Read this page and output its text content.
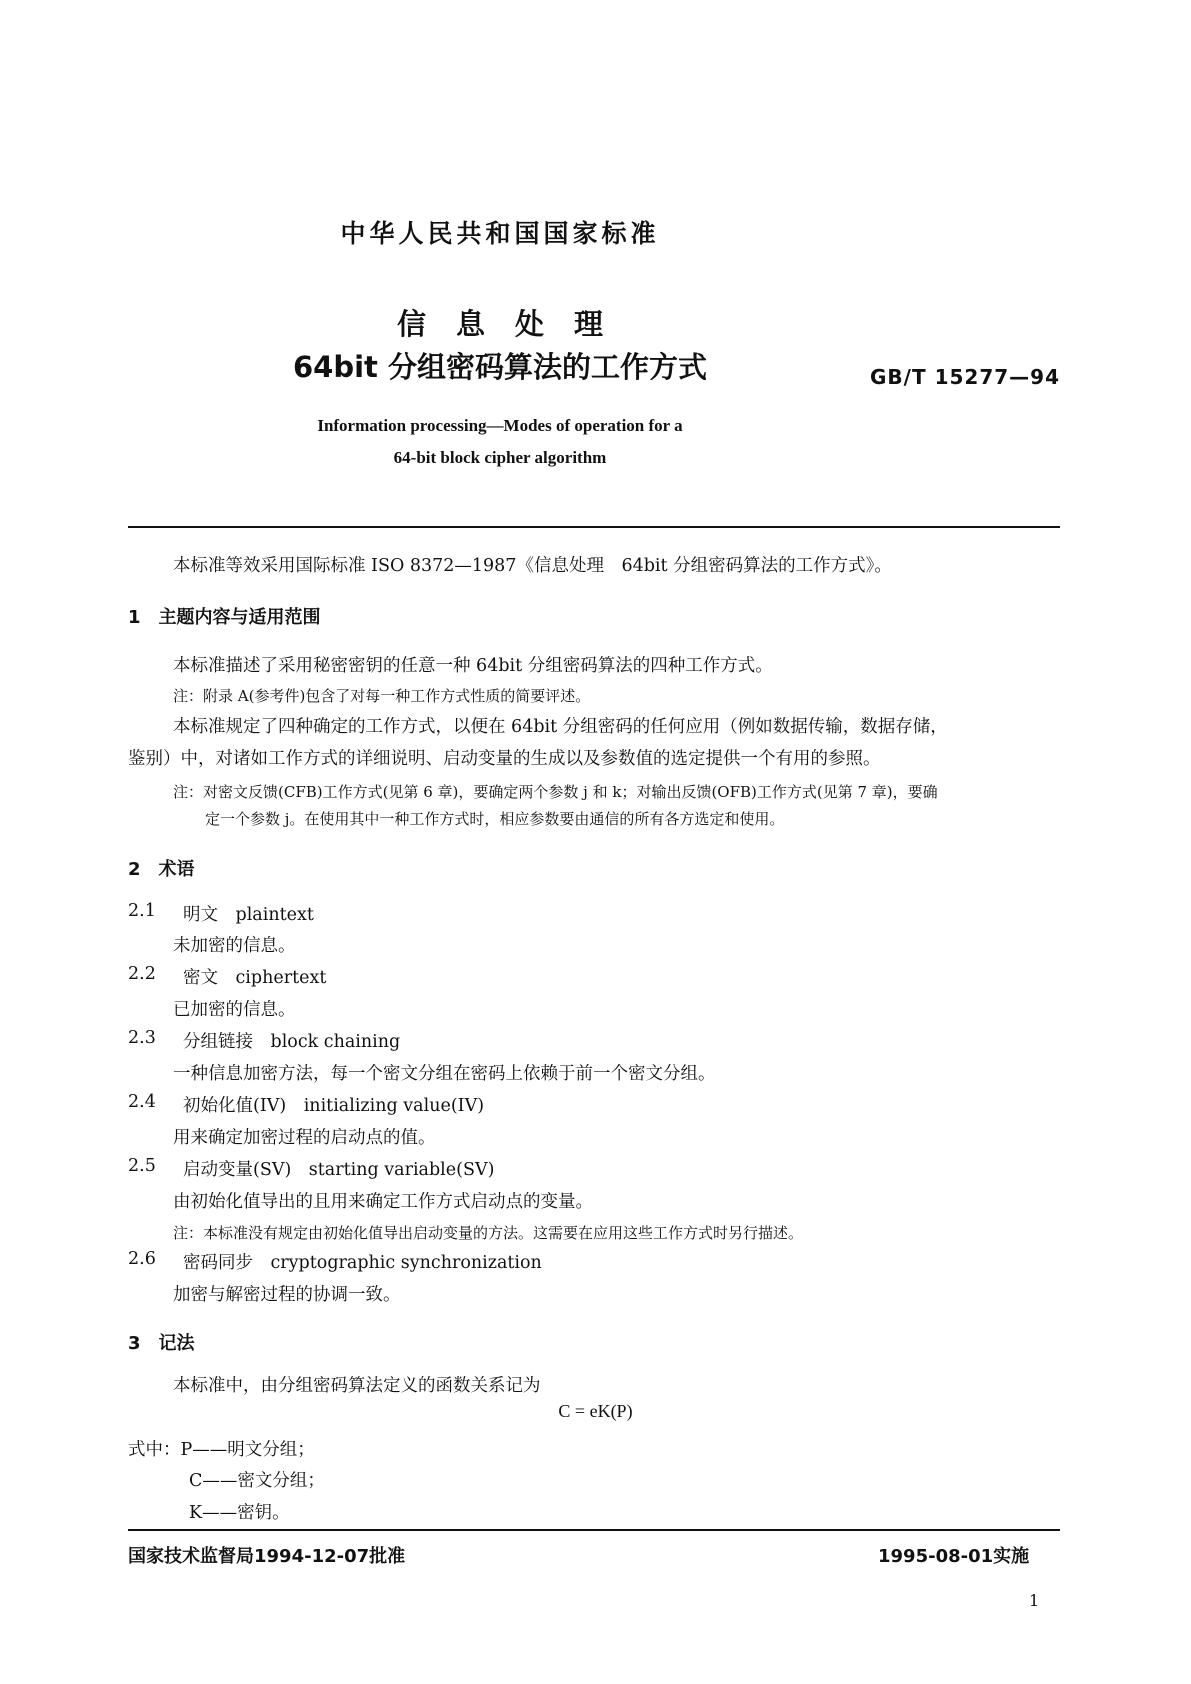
中华人民共和国国家标准
信息处理
64bit 分组密码算法的工作方式	GB/T 15277—94
Information processing—Modes of operation for a
64-bit block cipher algorithm
本标准等效采用国际标准 ISO 8372—1987《信息处理　64bit 分组密码算法的工作方式》。
1　主题内容与适用范围
本标准描述了采用秘密密钥的任意一种 64bit 分组密码算法的四种工作方式。
注：附录 A(参考件)包含了对每一种工作方式性质的简要评述。
本标准规定了四种确定的工作方式，以便在 64bit 分组密码的任何应用（例如数据传输，数据存储，
鉴别）中，对诸如工作方式的详细说明、启动变量的生成以及参数值的选定提供一个有用的参照。
注：对密文反馈(CFB)工作方式(见第 6 章)，要确定两个参数 j 和 k；对输出反馈(OFB)工作方式(见第 7 章)，要确
定一个参数 j。在使用其中一种工作方式时，相应参数要由通信的所有各方选定和使用。
2　术语
2.1 明文　plaintext
未加密的信息。
2.2 密文　ciphertext
已加密的信息。
2.3 分组链接　block chaining
一种信息加密方法，每一个密文分组在密码上依赖于前一个密文分组。
2.4 初始化值(IV)　initializing value(IV)
用来确定加密过程的启动点的值。
2.5 启动变量(SV)　starting variable(SV)
由初始化值导出的且用来确定工作方式启动点的变量。
注：本标准没有规定由初始化值导出启动变量的方法。这需要在应用这些工作方式时另行描述。
2.6 密码同步　cryptographic synchronization
加密与解密过程的协调一致。
3　记法
本标准中，由分组密码算法定义的函数关系记为
C = eK(P)
式中：P——明文分组；
C——密文分组；
K——密钥。
国家技术监督局1994-12-07批准	1995-08-01实施
1
